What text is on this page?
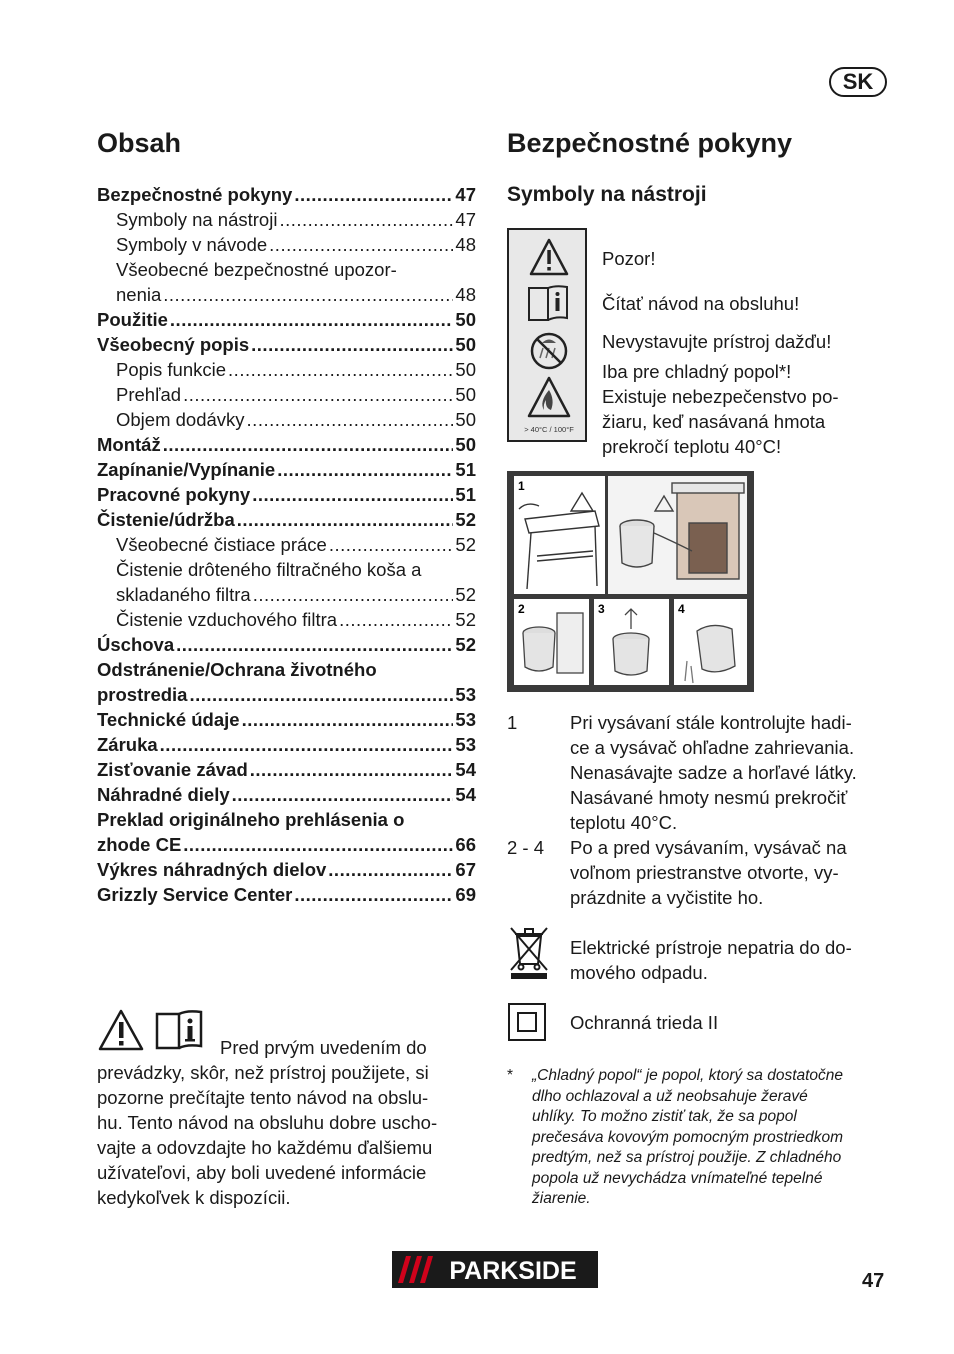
SK
Obsah
Bezpečnostné pokyny .....	47
Symboly na nástroji .....	47
Symboly v návode .....	48
Všeobecné bezpečnostné upozor-
nenia .....	48
Použitie .....	50
Všeobecný popis .....	50
Popis funkcie .....	50
Prehľad .....	50
Objem dodávky .....	50
Montáž .....	50
Zapínanie/Vypínanie .....	51
Pracovné pokyny .....	51
Čistenie/údržba .....	52
Všeobecné čistiace práce .....	52
Čistenie drôteného filtračného koša a
skladaného filtra .....	52
Čistenie vzduchového filtra .....	52
Úschova .....	52
Odstránenie/Ochrana životného
prostredia .....	53
Technické údaje .....	53
Záruka .....	53
Zisťovanie závad .....	54
Náhradné diely .....	54
Preklad originálneho prehlásenia o
zhode CE .....	66
Výkres náhradných dielov .....	67
Grizzly Service Center .....	69
Pred prvým uvedením do
prevádzky, skôr, než prístroj použijete, si
pozorne prečítajte tento návod na obslu-
hu. Tento návod na obsluhu dobre uscho-
vajte a odovzdajte ho každému ďalšiemu
užívateľovi, aby boli uvedené informácie
kedykoľvek k dispozícii.
Bezpečnostné pokyny
Symboly na nástroji
> 40°C / 100°F
Pozor!
Čítať návod na obsluhu!
Nevystavujte prístroj dažďu!
Iba pre chladný popol*!
Existuje nebezpečenstvo po-
žiaru, keď nasávaná hmota
prekročí teplotu 40°C!
1
2	3	4
1	Pri vysávaní stále kontrolujte hadi-
ce a vysávač ohľadne zahrievania.
Nenasávajte sadze a horľavé látky.
Nasávané hmoty nesmú prekročiť
teplotu 40°C.
2 - 4	Po a pred vysávaním, vysávač na
voľnom priestranstve otvorte, vy-
prázdnite a vyčistite ho.
Elektrické prístroje nepatria do do-
mového odpadu.
Ochranná trieda II
*	„Chladný popol“ je popol, ktorý sa dostatočne
dlho ochlazoval a už neobsahuje žeravé
uhlíky. To možno zistiť tak, že sa popol
prečesáva kovovým pomocným prostriedkom
predtým, než sa prístroj použije. Z chladného
popola už nevychádza vnímateľné tepelné
žiarenie.
PARKSIDE	47
